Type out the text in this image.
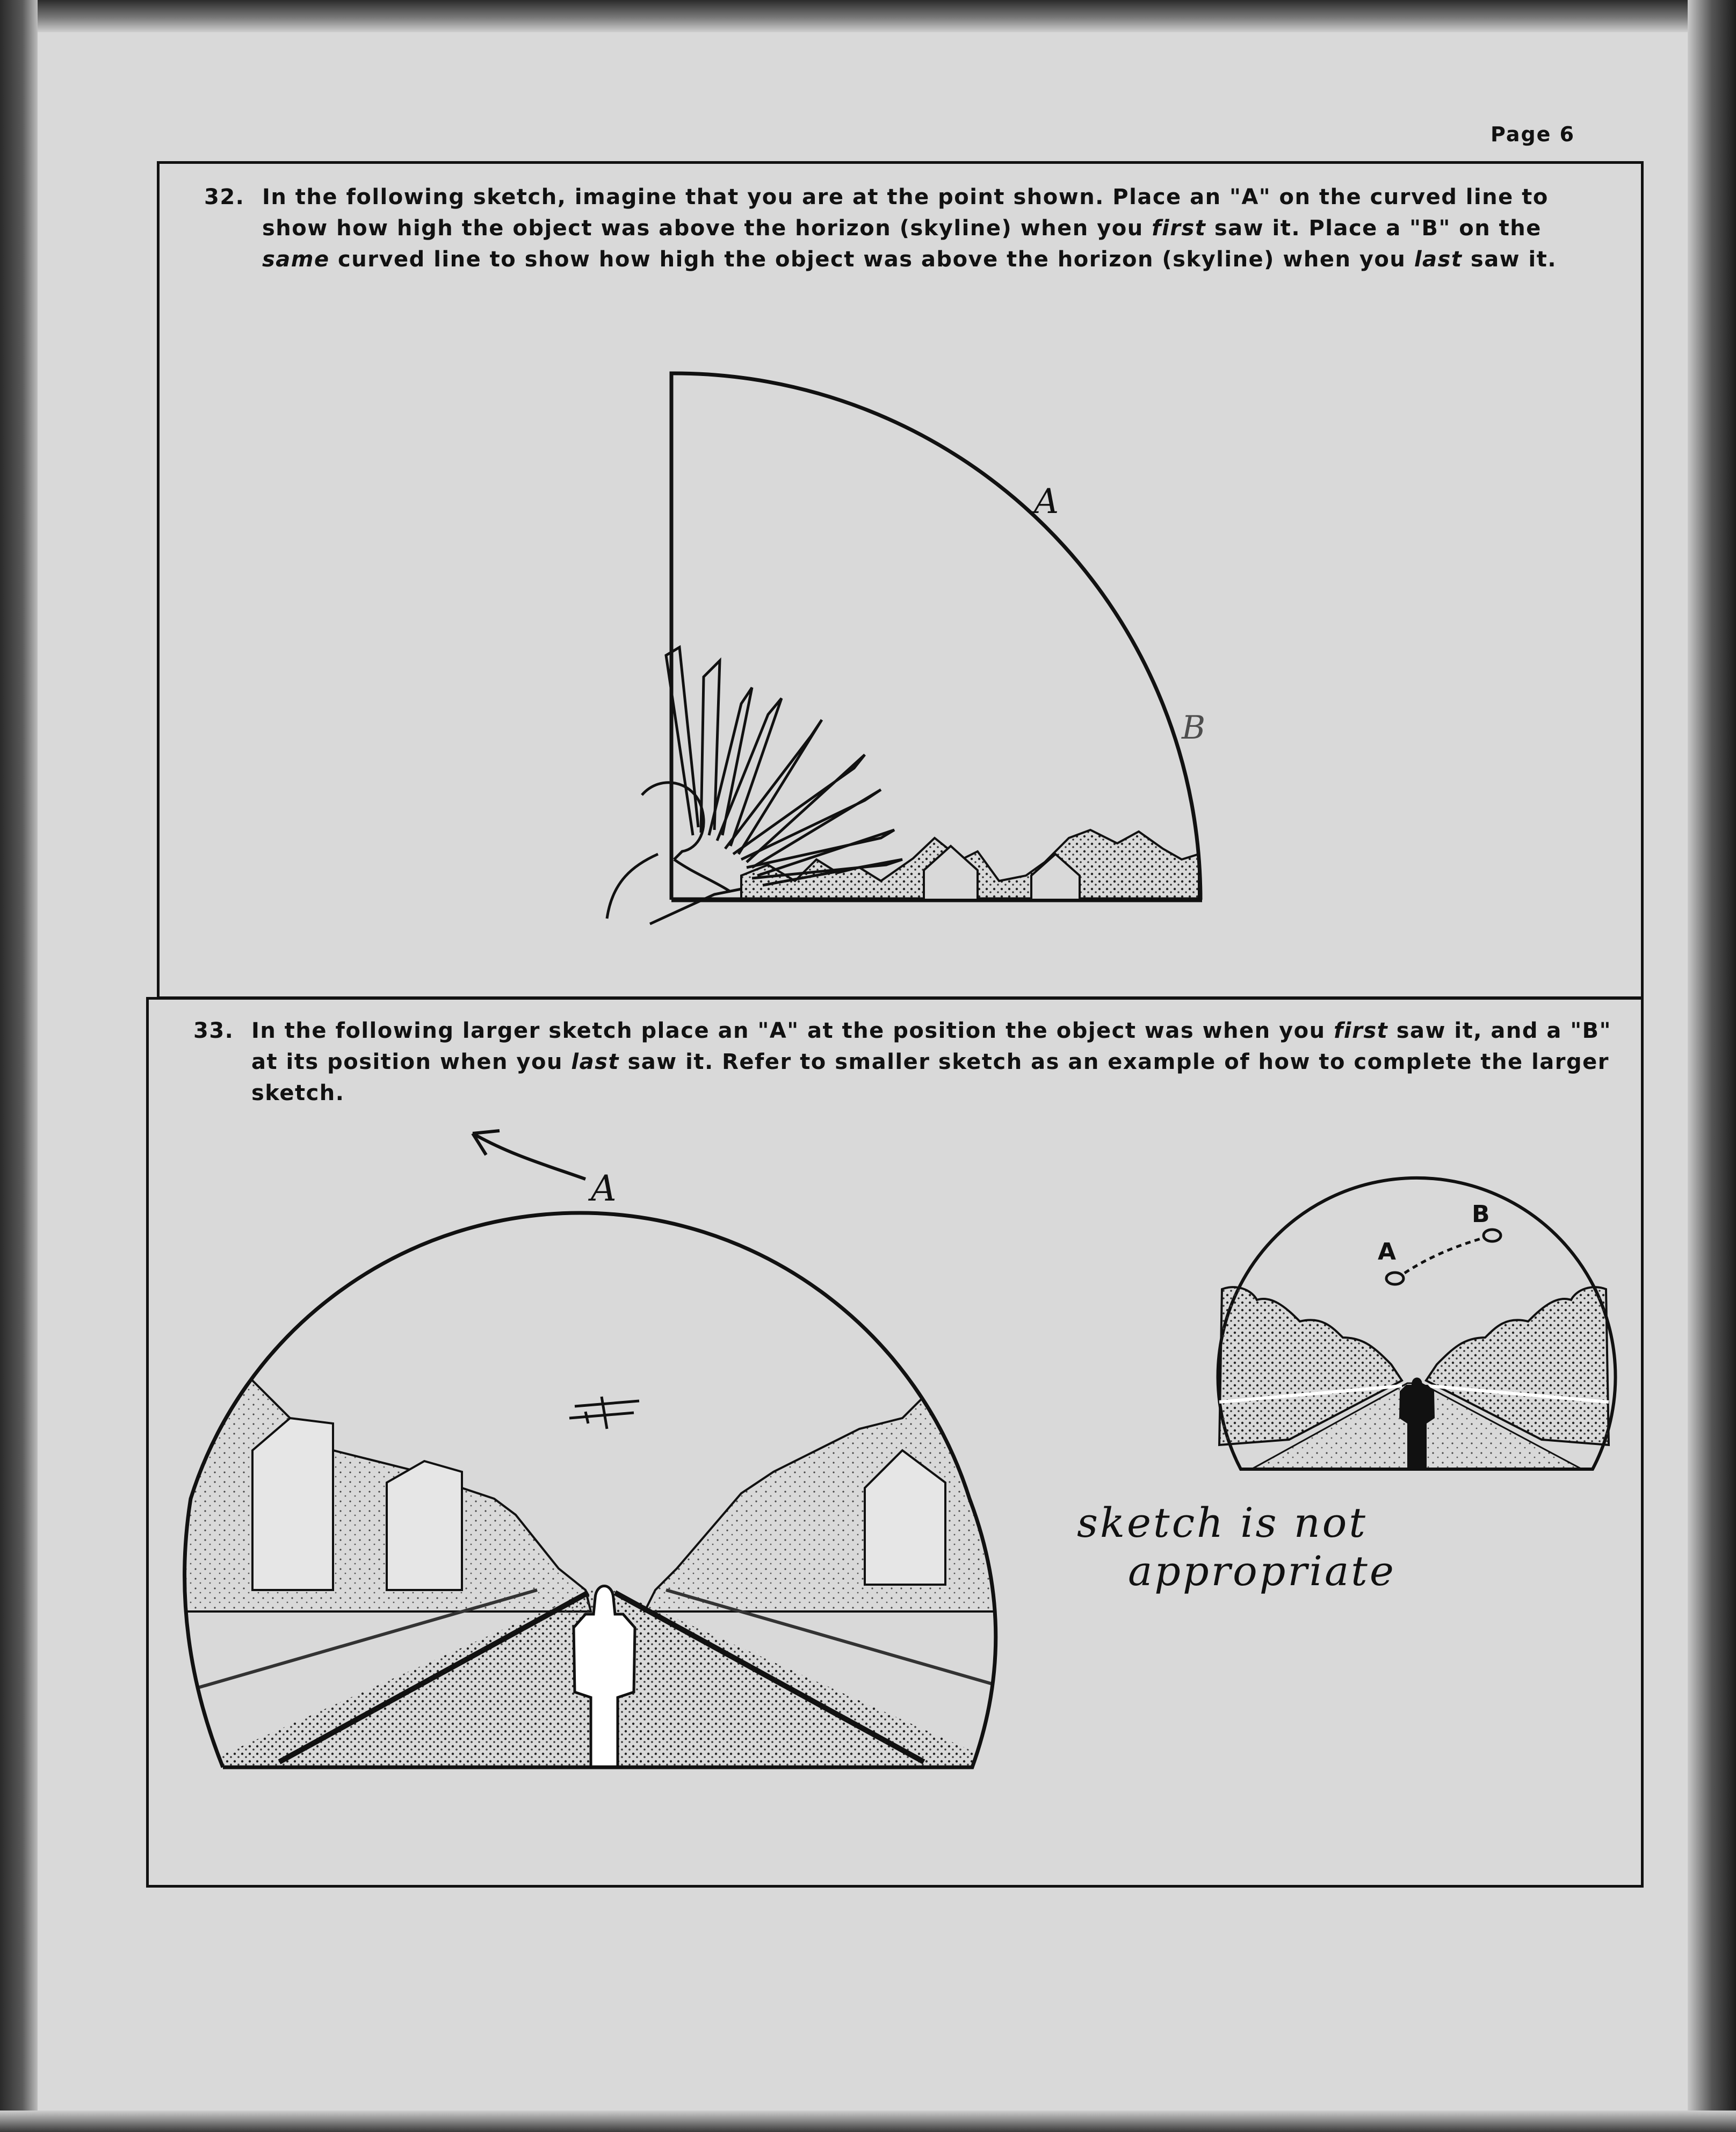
Page 6
32. In the following sketch, imagine that you are at the point shown. Place an "A" on the curved line to show how high the object was above the horizon (skyline) when you first saw it. Place a "B" on the same curved line to show how high the object was above the horizon (skyline) when you last saw it.
33. In the following larger sketch place an "A" at the position the object was when you first saw it, and a "B" at its position when you last saw it. Refer to smaller sketch as an example of how to complete the larger sketch.
A
B
A
A
B
sketch is not
appropriate
